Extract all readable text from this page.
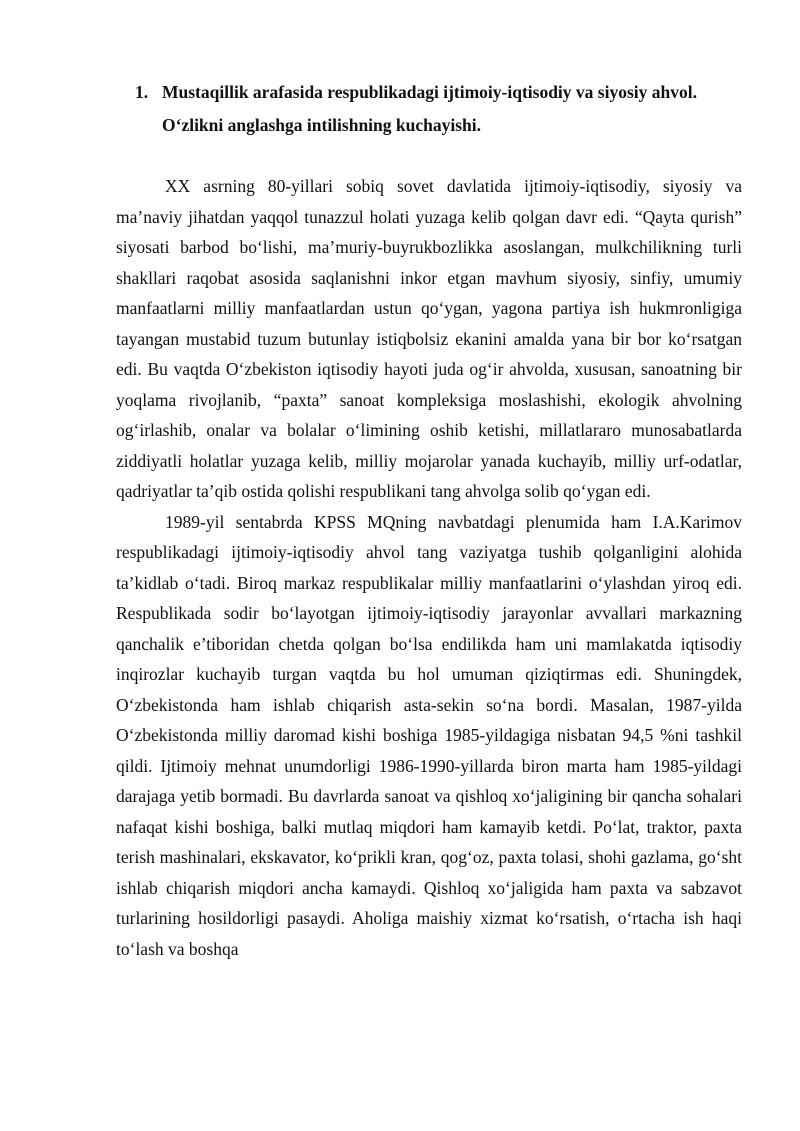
1. Mustaqillik arafasida respublikadagi ijtimoiy-iqtisodiy va siyosiy ahvol. O‘zlikni anglashga intilishning kuchayishi.

XX asrning 80-yillari sobiq sovet davlatida ijtimoiy-iqtisodiy, siyosiy va ma’naviy jihatdan yaqqol tunazzul holati yuzaga kelib qolgan davr edi. “Qayta qurish” siyosati barbod bo‘lishi, ma’muriy-buyrukbozlikka asoslangan, mulkchilikning turli shakllari raqobat asosida saqlanishni inkor etgan mavhum siyosiy, sinfiy, umumiy manfaatlarni milliy manfaatlardan ustun qo‘ygan, yagona partiya ish hukmronligiga tayangan mustabid tuzum butunlay istiqbolsiz ekanini amalda yana bir bor ko‘rsatgan edi. Bu vaqtda O‘zbekiston iqtisodiy hayoti juda og‘ir ahvolda, xususan, sanoatning bir yoqlama rivojlanib, “paxta” sanoat kompleksiga moslashishi, ekologik ahvolning og‘irlashib, onalar va bolalar o‘limining oshib ketishi, millatlararo munosabatlarda ziddiyatli holatlar yuzaga kelib, milliy mojarolar yanada kuchayib, milliy urf-odatlar, qadriyatlar ta’qib ostida qolishi respublikani tang ahvolga solib qo‘ygan edi.

1989-yil sentabrda KPSS MQning navbatdagi plenumida ham I.A.Karimov respublikadagi ijtimoiy-iqtisodiy ahvol tang vaziyatga tushib qolganligini alohida ta’kidlab o‘tadi. Biroq markaz respublikalar milliy manfaatlarini o‘ylashdan yiroq edi. Respublikada sodir bo‘layotgan ijtimoiy-iqtisodiy jarayonlar avvallari markazning qanchalik e’tiboridan chetda qolgan bo‘lsa endilikda ham uni mamlakatda iqtisodiy inqirozlar kuchayib turgan vaqtda bu hol umuman qiziqtirmas edi. Shuningdek, O‘zbekistonda ham ishlab chiqarish asta-sekin so‘na bordi. Masalan, 1987-yilda O‘zbekistonda milliy daromad kishi boshiga 1985-yildagiga nisbatan 94,5 %ni tashkil qildi. Ijtimoiy mehnat unumdorligi 1986-1990-yillarda biron marta ham 1985-yildagi darajaga yetib bormadi. Bu davrlarda sanoat va qishloq xo‘jaligining bir qancha sohalari nafaqat kishi boshiga, balki mutlaq miqdori ham kamayib ketdi. Po‘lat, traktor, paxta terish mashinalari, ekskavator, ko‘prikli kran, qog‘oz, paxta tolasi, shohi gazlama, go‘sht ishlab chiqarish miqdori ancha kamaydi. Qishloq xo‘jaligida ham paxta va sabzavot turlarining hosildorligi pasaydi. Aholiga maishiy xizmat ko‘rsatish, o‘rtacha ish haqi to‘lash va boshqa
